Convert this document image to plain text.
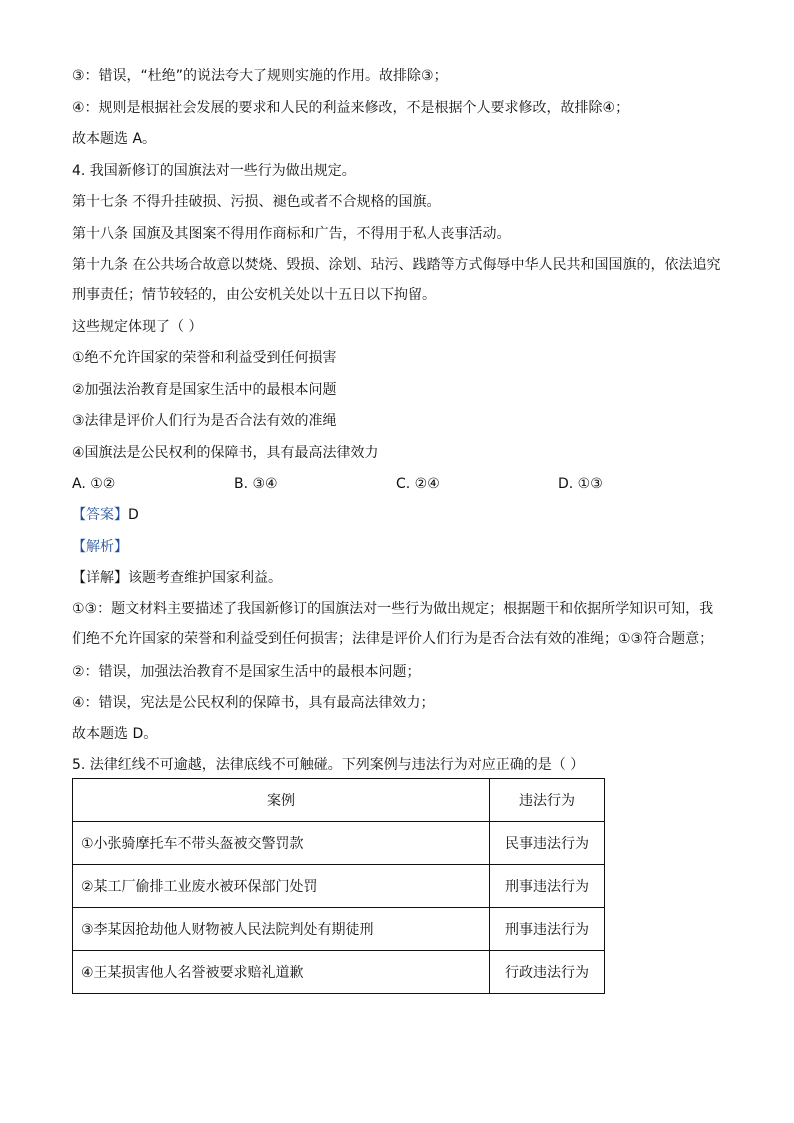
③：错误，“杜绝”的说法夸大了规则实施的作用。故排除③；
④：规则是根据社会发展的要求和人民的利益来修改，不是根据个人要求修改，故排除④；
故本题选 A。
4. 我国新修订的国旗法对一些行为做出规定。
第十七条 不得升挂破损、污损、褪色或者不合规格的国旗。
第十八条 国旗及其图案不得用作商标和广告，不得用于私人丧事活动。
第十九条 在公共场合故意以焚烧、毁损、涂划、玷污、践踏等方式侮辱中华人民共和国国旗的，依法追究刑事责任；情节较轻的，由公安机关处以十五日以下拘留。
这些规定体现了（ ）
①绝不允许国家的荣誉和利益受到任何损害
②加强法治教育是国家生活中的最根本问题
③法律是评价人们行为是否合法有效的准绳
④国旗法是公民权利的保障书，具有最高法律效力
A. ①②	B. ③④	C. ②④	D. ①③
【答案】D
【解析】
【详解】该题考查维护国家利益。
①③：题文材料主要描述了我国新修订的国旗法对一些行为做出规定；根据题干和依据所学知识可知，我们绝不允许国家的荣誉和利益受到任何损害；法律是评价人们行为是否合法有效的准绳；①③符合题意；
②：错误，加强法治教育不是国家生活中的最根本问题；
④：错误，宪法是公民权利的保障书，具有最高法律效力；
故本题选 D。
5. 法律红线不可逾越，法律底线不可触碰。下列案例与违法行为对应正确的是（ ）
案例	违法行为
①小张骑摩托车不带头盔被交警罚款	民事违法行为
②某工厂偷排工业废水被环保部门处罚	刑事违法行为
③李某因抢劫他人财物被人民法院判处有期徒刑	刑事违法行为
④王某损害他人名誉被要求赔礼道歉	行政违法行为
